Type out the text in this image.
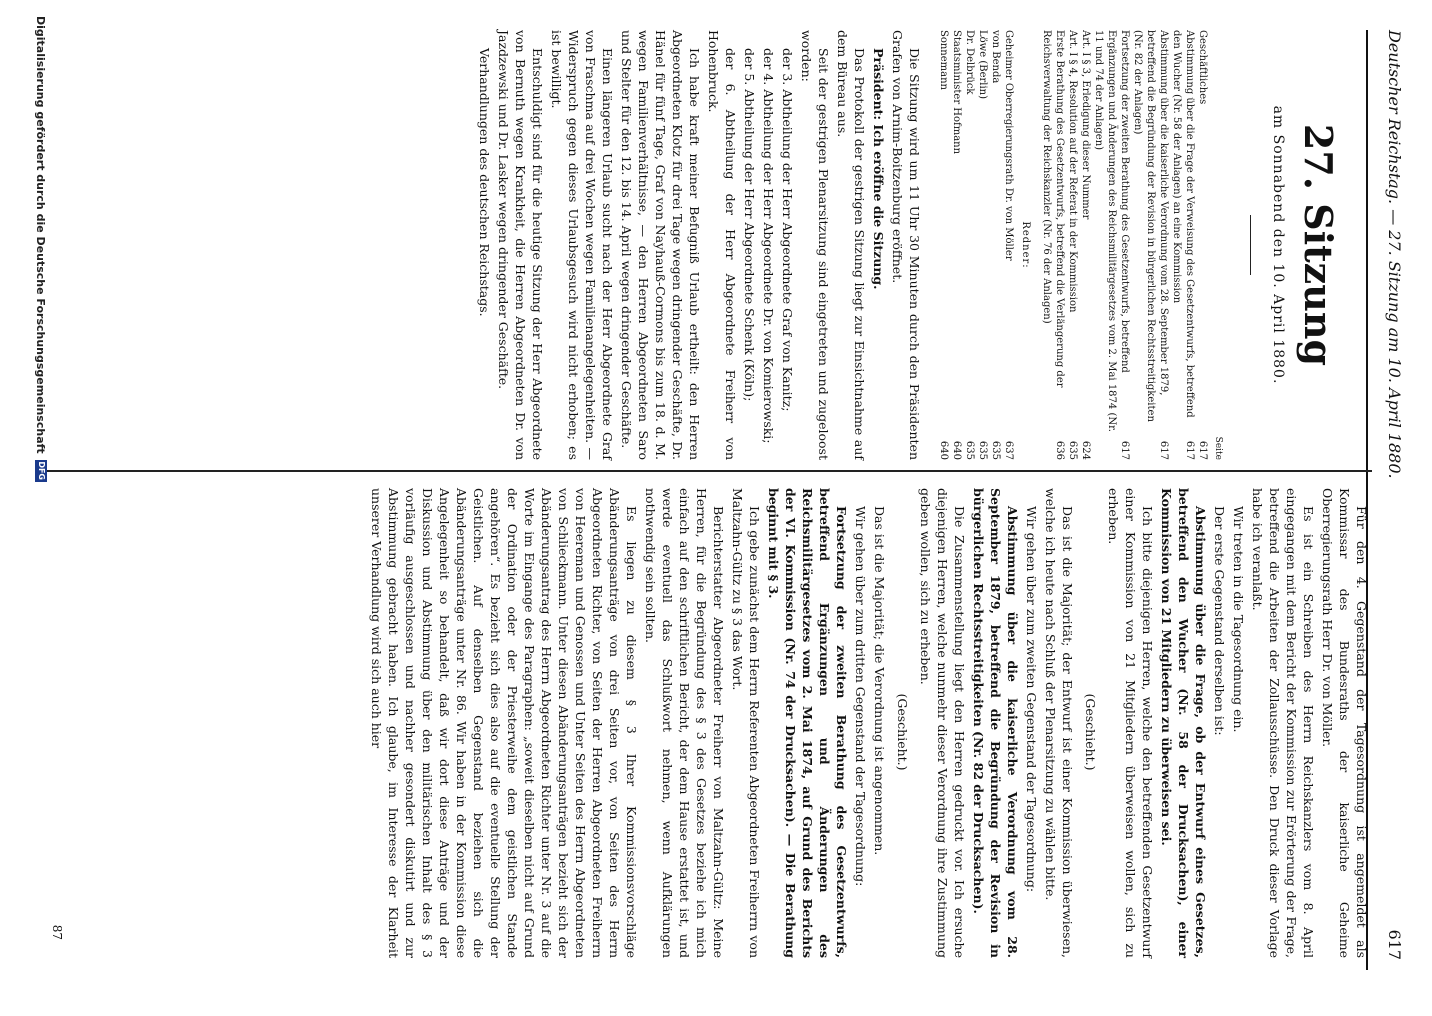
Deutscher Reichstag. — 27. Sitzung am 10. April 1880.
617
27. Sitzung
am Sonnabend den 10. April 1880.
Seite
Geschäftliches
617
Abstimmung über die Frage der Verweisung des Gesetzentwurfs, betreffend den Wucher (Nr. 58 der Anlagen) an eine Kommission
617
Abstimmung über die kaiserliche Verordnung vom 28. September 1879, betreffend die Begründung der Revision in bürgerlichen Rechtsstreitigkeiten (Nr. 82 der Anlagen)
617
Fortsetzung der zweiten Berathung des Gesetzentwurfs, betreffend Ergänzungen und Änderungen des Reichsmilitärgesetzes vom 2. Mai 1874 (Nr. 11 und 74 der Anlagen)
617
Art. I § 3, Erledigung dieser Nummer
624
Art. I § 4, Resolution auf der Referat in der Kommission
635
Erste Berathung des Gesetzentwurfs, betreffend die Verlängerung der Reichsverwaltung der Reichskanzler (Nr. 76 der Anlagen)
636
Redner:
Geheimer Oberregierungsrath Dr. von Möller
637
von Benda
635
Löwe (Berlin)
635
Dr. Delbrück
635
Staatsminister Hofmann
640
Sonnemann
640

Die Sitzung wird um 11 Uhr 30 Minuten durch den Präsidenten Grafen von Arnim-Boitzenburg eröffnet.

Präsident: Ich eröffne die Sitzung.

Das Protokoll der gestrigen Sitzung liegt zur Einsichtnahme auf dem Büreau aus.

Seit der gestrigen Plenarsitzung sind eingetreten und zugeloost worden:

der 3. Abtheilung der Herr Abgeordnete Graf von Kanitz;

der 4. Abtheilung der Herr Abgeordnete Dr. von Komierowski;

der 5. Abtheilung der Herr Abgeordnete Schenk (Köln);

der 6. Abtheilung der Herr Abgeordnete Freiherr von Hohenbruck.

Ich habe kraft meiner Befugniß Urlaub ertheilt: den Herren Abgeordneten Klotz für drei Tage wegen dringender Geschäfte, Dr. Hänel für fünf Tage, Graf von Nayhauß-Cormons bis zum 18. d. M. wegen Familienverhältnisse, — den Herren Abgeordneten Saro und Stelter für den 12. bis 14. April wegen dringender Geschäfte.

Einen längeren Urlaub sucht nach der Herr Abgeordnete Graf von Fraschma auf drei Wochen wegen Familienangelegenheiten. — Widerspruch gegen dieses Urlaubsgesuch wird nicht erhoben; es ist bewilligt.

Entschuldigt sind für die heutige Sitzung der Herr Abgeordnete von Bernuth wegen Krankheit, die Herren Abgeordneten Dr. von Jazdzewski und Dr. Lasker wegen dringender Geschäfte.

Verhandlungen des deutschen Reichstags.

Für den 4. Gegenstand der Tagesordnung ist angemeldet als Kommissar des Bundesraths der kaiserliche Geheime Oberregierungsrath Herr Dr. von Möller.

Es ist ein Schreiben des Herrn Reichskanzlers vom 8. April eingegangen mit dem Bericht der Kommission zur Erörterung der Frage, betreffend die Arbeiten der Zollausschüsse. Den Druck dieser Vorlage habe ich veranlaßt.

Wir treten in die Tagesordnung ein.

Der erste Gegenstand derselben ist:

Abstimmung über die Frage, ob der Entwurf eines Gesetzes, betreffend den Wucher (Nr. 58 der Drucksachen), einer Kommission von 21 Mitgliedern zu überweisen sei.

Ich bitte diejenigen Herren, welche den betreffenden Gesetzentwurf einer Kommission von 21 Mitgliedern überweisen wollen, sich zu erheben.

(Geschieht.)

Das ist die Majorität; der Entwurf ist einer Kommission überwiesen, welche ich heute nach Schluß der Plenarsitzung zu wählen bitte.

Wir gehen über zum zweiten Gegenstand der Tagesordnung:

Abstimmung über die kaiserliche Verordnung vom 28. September 1879, betreffend die Begründung der Revision in bürgerlichen Rechtsstreitigkeiten (Nr. 82 der Drucksachen).

Die Zusammenstellung liegt den Herren gedruckt vor. Ich ersuche diejenigen Herren, welche nunmehr dieser Verordnung ihre Zustimmung geben wollen, sich zu erheben.

(Geschieht.)

Das ist die Majorität; die Verordnung ist angenommen.

Wir gehen über zum dritten Gegenstand der Tagesordnung:

Fortsetzung der zweiten Berathung des Gesetzentwurfs, betreffend Ergänzungen und Änderungen des Reichsmilitärgesetzes vom 2. Mai 1874, auf Grund des Berichts der VI. Kommission (Nr. 74 der Drucksachen). — Die Berathung beginnt mit § 3.

Ich gebe zunächst dem Herrn Referenten Abgeordneten Freiherrn von Maltzahn-Gültz zu § 3 das Wort.

Berichterstatter Abgeordneter Freiherr von Maltzahn-Gültz: Meine Herren, für die Begründung des § 3 des Gesetzes beziehe ich mich einfach auf den schriftlichen Bericht, der dem Hause erstattet ist, und werde eventuell das Schlußwort nehmen, wenn Aufklärungen nothwendig sein sollten.

Es liegen zu diesem § 3 Ihrer Kommissionsvorschläge Abänderungsanträge von drei Seiten vor, von Seiten des Herrn Abgeordneten Richter, von Seiten der Herren Abgeordneten Freiherrn von Heereman und Genossen und Unter Seiten des Herrn Abgeordneten von Schlieckmann. Unter diesen Abänderungsanträgen bezieht sich der Abänderungsantrag des Herrn Abgeordneten Richter unter Nr. 3 auf die Worte im Eingange des Paragraphen: „soweit dieselben nicht auf Grund der Ordination oder der Priesterweihe dem geistlichen Stande angehören“. Es bezieht sich dies also auf die eventuelle Stellung der Geistlichen. Auf denselben Gegenstand beziehen sich die Abänderungsanträge unter Nr. 86. Wir haben in der Kommission diese Angelegenheit so behandelt, daß wir dort diese Anträge und der Diskussion und Abstimmung über den militärischen Inhalt des § 3 vorläufig ausgeschlossen und nachher gesondert diskutirt und zur Abstimmung gebracht haben. Ich glaube, im Interesse der Klarheit unserer Verhandlung wird sich auch hier

87
Digitalisierung gefördert durch die Deutsche Forschungsgemeinschaft
DFG
